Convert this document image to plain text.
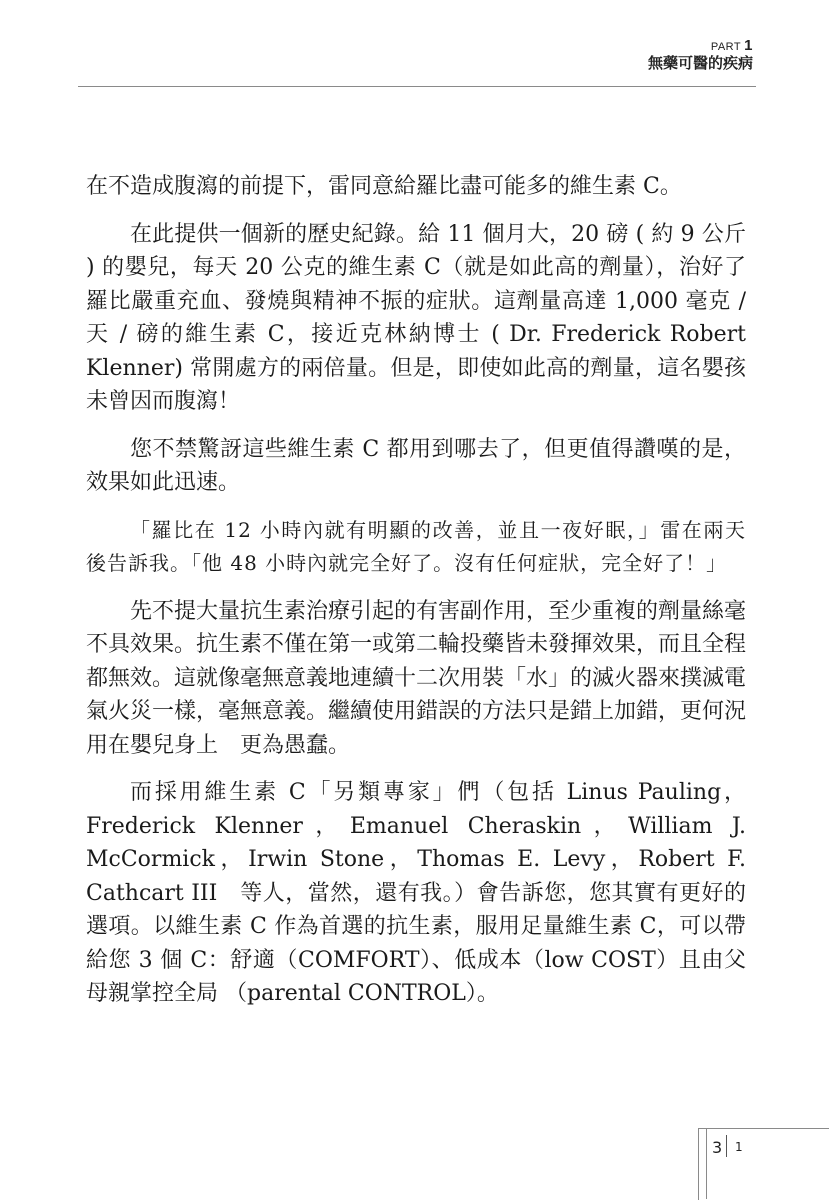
PART 1
無藥可醫的疾病

在不造成腹瀉的前提下，雷同意給羅比盡可能多的維生素 C。

在此提供一個新的歷史紀錄。給 11 個月大，20 磅 ( 約 9 公斤 ) 的嬰兒，每天 20 公克的維生素 C（就是如此高的劑量），治好了羅比嚴重充血、發燒與精神不振的症狀。這劑量高達 1,000 毫克 / 天 / 磅的維生素 C，接近克林納博士 ( Dr. Frederick Robert Klenner) 常開處方的兩倍量。但是，即使如此高的劑量，這名嬰孩未曾因而腹瀉！

您不禁驚訝這些維生素 C 都用到哪去了，但更值得讚嘆的是，效果如此迅速。

「羅比在 12 小時內就有明顯的改善，並且一夜好眠，」雷在兩天後告訴我。「他 48 小時內就完全好了。沒有任何症狀，完全好了！」

先不提大量抗生素治療引起的有害副作用，至少重複的劑量絲毫不具效果。抗生素不僅在第一或第二輪投藥皆未發揮效果，而且全程都無效。這就像毫無意義地連續十二次用裝「水」的滅火器來撲滅電氣火災一樣，毫無意義。繼續使用錯誤的方法只是錯上加錯，更何況用在嬰兒身上　更為愚蠢。

而採用維生素 C「另類專家」們（包括 Linus Pauling，Frederick Klenner，Emanuel Cheraskin，William J. McCormick，Irwin Stone，Thomas E. Levy，Robert F. Cathcart III　等人，當然，還有我。）會告訴您，您其實有更好的選項。以維生素 C 作為首選的抗生素，服用足量維生素 C，可以帶給您 3 個 C：舒適（COMFORT）、低成本（low COST）且由父母親掌控全局 （parental CONTROL）。

3 1
